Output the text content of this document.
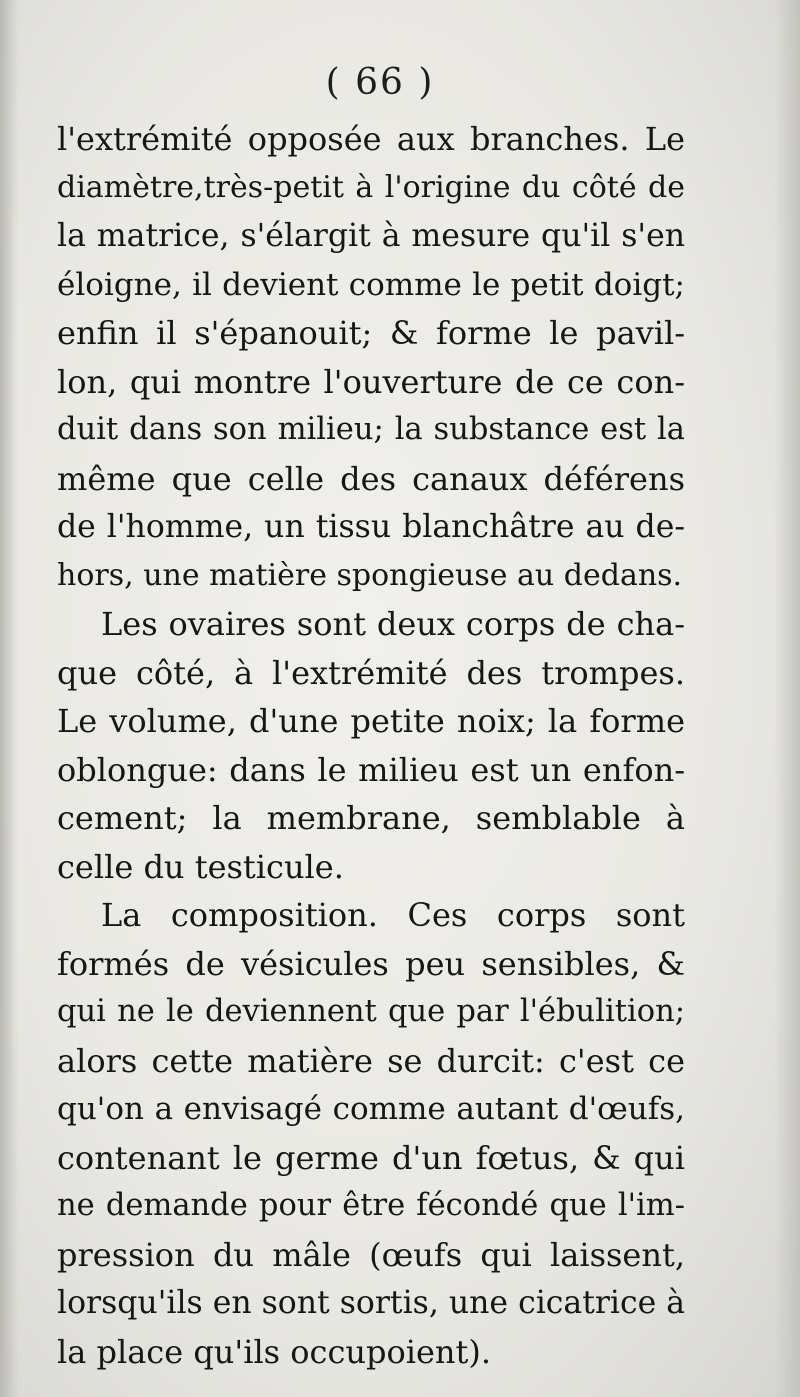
( 66 )
l'extrémité opposée aux branches. Le
diamètre,très-petit à l'origine du côté de
la matrice, s'élargit à mesure qu'il s'en
éloigne, il devient comme le petit doigt;
enfin il s'épanouit; & forme le pavil-
lon, qui montre l'ouverture de ce con-
duit dans son milieu; la substance est la
même que celle des canaux déférens
de l'homme, un tissu blanchâtre au de-
hors, une matière spongieuse au dedans.
Les ovaires sont deux corps de cha-
que côté, à l'extrémité des trompes.
Le volume, d'une petite noix; la forme
oblongue: dans le milieu est un enfon-
cement; la membrane, semblable à
celle du testicule.
La composition. Ces corps sont
formés de vésicules peu sensibles, &
qui ne le deviennent que par l'ébulition;
alors cette matière se durcit: c'est ce
qu'on a envisagé comme autant d'œufs,
contenant le germe d'un fœtus, & qui
ne demande pour être fécondé que l'im-
pression du mâle (œufs qui laissent,
lorsqu'ils en sont sortis, une cicatrice à
la place qu'ils occupoient).
